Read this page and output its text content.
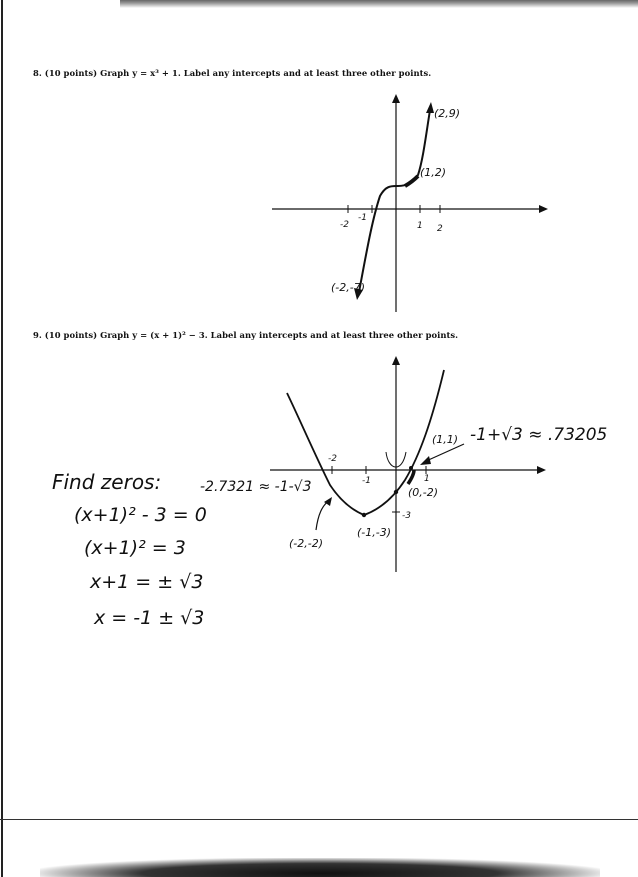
8. (10 points) Graph y = x³ + 1. Label any intercepts and at least three other points.
-2
-1
1 2
(1,2)
(2,9)
(-2,-7)
9. (10 points) Graph y = (x + 1)² − 3. Label any intercepts and at least three other points.
-2
-1	1
-3
(1,1)
(0,-2)
(-1,-3)
(-2,-2)
-1+√3 ≈ .73205
-2.7321 ≈ -1-√3
Find zeros:
(x+1)² - 3 = 0
(x+1)² = 3
x+1 = ± √3
x = -1 ± √3
